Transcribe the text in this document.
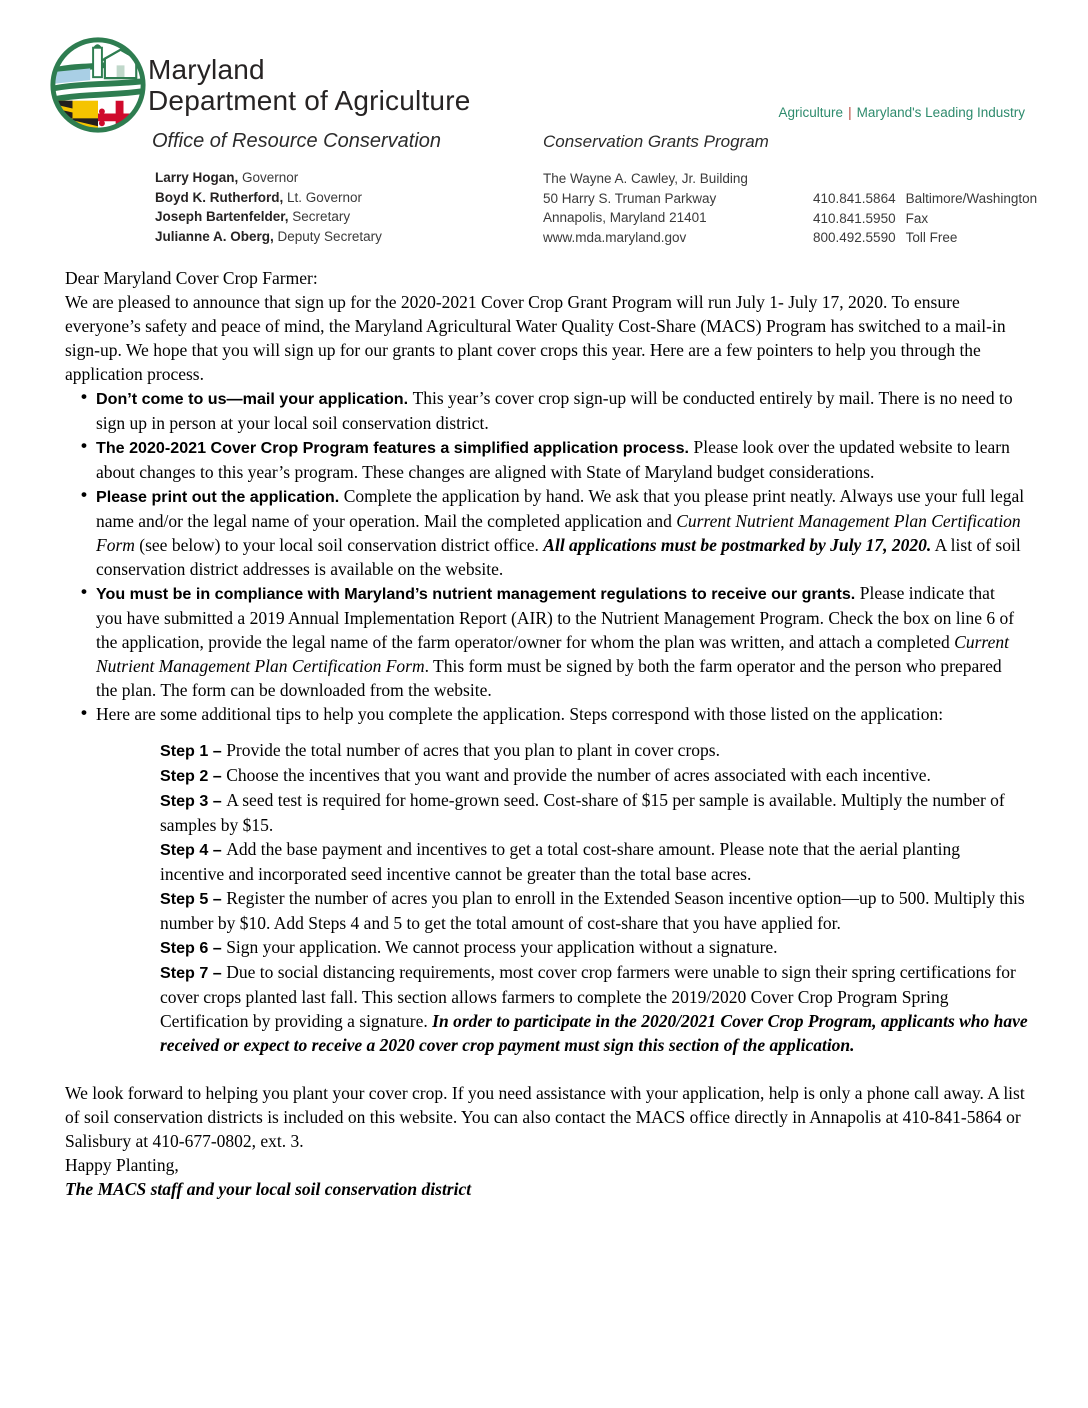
Maryland
Department of Agriculture
Office of Resource Conservation	Conservation Grants Program
Agriculture | Maryland's Leading Industry
Larry Hogan, Governor
Boyd K. Rutherford, Lt. Governor
Joseph Bartenfelder, Secretary
Julianne A. Oberg, Deputy Secretary
The Wayne A. Cawley, Jr. Building
50 Harry S. Truman Parkway
Annapolis, Maryland 21401
www.mda.maryland.gov
410.841.5864 Baltimore/Washington
410.841.5950 Fax
800.492.5590 Toll Free

Dear Maryland Cover Crop Farmer:

We are pleased to announce that sign up for the 2020-2021 Cover Crop Grant Program will run July 1- July 17, 2020. To ensure everyone’s safety and peace of mind, the Maryland Agricultural Water Quality Cost-Share (MACS) Program has switched to a mail-in sign-up. We hope that you will sign up for our grants to plant cover crops this year. Here are a few pointers to help you through the application process.

• Don’t come to us—mail your application. This year’s cover crop sign-up will be conducted entirely by mail. There is no need to sign up in person at your local soil conservation district.
• The 2020-2021 Cover Crop Program features a simplified application process. Please look over the updated website to learn about changes to this year’s program. These changes are aligned with State of Maryland budget considerations.
• Please print out the application. Complete the application by hand. We ask that you please print neatly. Always use your full legal name and/or the legal name of your operation. Mail the completed application and Current Nutrient Management Plan Certification Form (see below) to your local soil conservation district office. All applications must be postmarked by July 17, 2020. A list of soil conservation district addresses is available on the website.
• You must be in compliance with Maryland’s nutrient management regulations to receive our grants. Please indicate that you have submitted a 2019 Annual Implementation Report (AIR) to the Nutrient Management Program. Check the box on line 6 of the application, provide the legal name of the farm operator/owner for whom the plan was written, and attach a completed Current Nutrient Management Plan Certification Form. This form must be signed by both the farm operator and the person who prepared the plan. The form can be downloaded from the website.
• Here are some additional tips to help you complete the application. Steps correspond with those listed on the application:
Step 1 – Provide the total number of acres that you plan to plant in cover crops.
Step 2 – Choose the incentives that you want and provide the number of acres associated with each incentive.
Step 3 – A seed test is required for home-grown seed. Cost-share of $15 per sample is available. Multiply the number of samples by $15.
Step 4 – Add the base payment and incentives to get a total cost-share amount. Please note that the aerial planting incentive and incorporated seed incentive cannot be greater than the total base acres.
Step 5 – Register the number of acres you plan to enroll in the Extended Season incentive option—up to 500. Multiply this number by $10. Add Steps 4 and 5 to get the total amount of cost-share that you have applied for.
Step 6 – Sign your application. We cannot process your application without a signature.
Step 7 – Due to social distancing requirements, most cover crop farmers were unable to sign their spring certifications for cover crops planted last fall. This section allows farmers to complete the 2019/2020 Cover Crop Program Spring Certification by providing a signature. In order to participate in the 2020/2021 Cover Crop Program, applicants who have received or expect to receive a 2020 cover crop payment must sign this section of the application.

We look forward to helping you plant your cover crop. If you need assistance with your application, help is only a phone call away. A list of soil conservation districts is included on this website. You can also contact the MACS office directly in Annapolis at 410-841-5864 or Salisbury at 410-677-0802, ext. 3.

Happy Planting,

The MACS staff and your local soil conservation district
